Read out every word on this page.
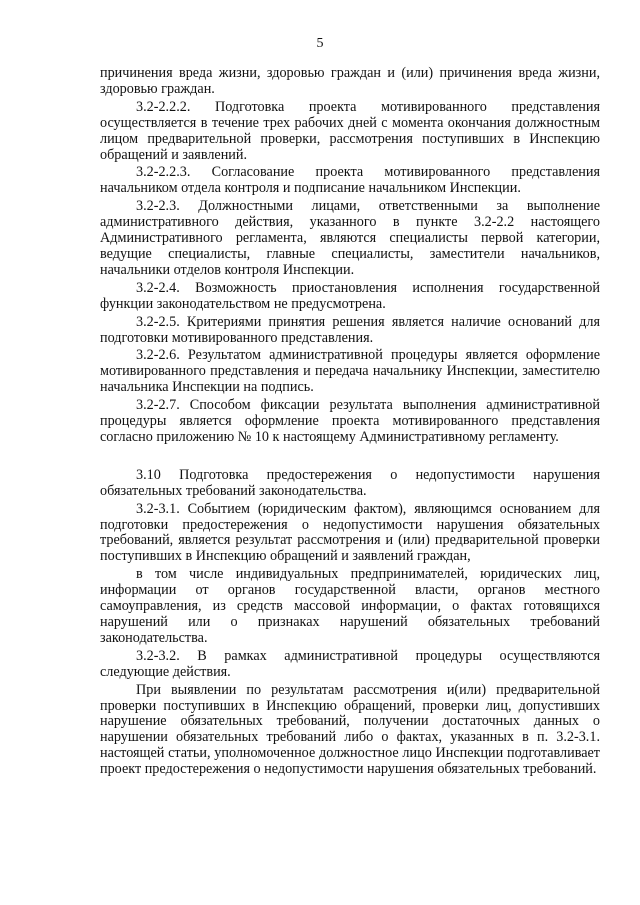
5

причинения вреда жизни, здоровью граждан и (или) причинения вреда жизни, здоровью граждан.

3.2-2.2.2. Подготовка проекта мотивированного представления осуществляется в течение трех рабочих дней с момента окончания должностным лицом предварительной проверки, рассмотрения поступивших в Инспекцию обращений и заявлений.

3.2-2.2.3. Согласование проекта мотивированного представления начальником отдела контроля и подписание начальником Инспекции.

3.2-2.3. Должностными лицами, ответственными за выполнение административного действия, указанного в пункте 3.2-2.2 настоящего Административного регламента, являются специалисты первой категории, ведущие специалисты, главные специалисты, заместители начальников, начальники отделов контроля Инспекции.

3.2-2.4. Возможность приостановления исполнения государственной функции законодательством не предусмотрена.

3.2-2.5. Критериями принятия решения является наличие оснований для подготовки мотивированного представления.

3.2-2.6. Результатом административной процедуры является оформление мотивированного представления и передача начальнику Инспекции, заместителю начальника Инспекции на подпись.

3.2-2.7. Способом фиксации результата выполнения административной процедуры является оформление проекта мотивированного представления согласно приложению № 10 к настоящему Административному регламенту.

3.10 Подготовка предостережения о недопустимости нарушения обязательных требований законодательства.

3.2-3.1. Событием (юридическим фактом), являющимся основанием для подготовки предостережения о недопустимости нарушения обязательных требований, является результат рассмотрения и (или) предварительной проверки поступивших в Инспекцию обращений и заявлений граждан,

в том числе индивидуальных предпринимателей, юридических лиц, информации от органов государственной власти, органов местного самоуправления, из средств массовой информации, о фактах готовящихся нарушений или о признаках нарушений обязательных требований законодательства.

3.2-3.2. В рамках административной процедуры осуществляются следующие действия.

При выявлении по результатам рассмотрения и(или) предварительной проверки поступивших в Инспекцию обращений, проверки лиц, допустивших нарушение обязательных требований, получении достаточных данных о нарушении обязательных требований либо о фактах, указанных в п. 3.2-3.1. настоящей статьи, уполномоченное должностное лицо Инспекции подготавливает проект предостережения о недопустимости нарушения обязательных требований.
